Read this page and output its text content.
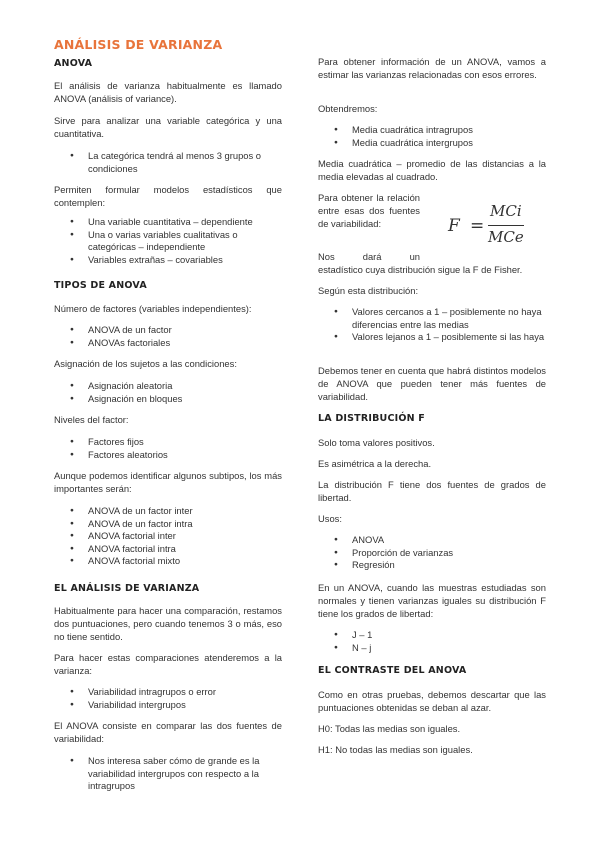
ANÁLISIS DE VARIANZA
ANOVA
El análisis de varianza habitualmente es llamado ANOVA (análisis of variance).
Sirve para analizar una variable categórica y una cuantitativa.
● La categórica tendrá al menos 3 grupos o condiciones
Permiten formular modelos estadísticos que contemplen:
● Una variable cuantitativa – dependiente
● Una o varias variables cualitativas o categóricas – independiente
● Variables extrañas – covariables
TIPOS DE ANOVA
Número de factores (variables independientes):
● ANOVA de un factor
● ANOVAs factoriales
Asignación de los sujetos a las condiciones:
● Asignación aleatoria
● Asignación en bloques
Niveles del factor:
● Factores fijos
● Factores aleatorios
Aunque podemos identificar algunos subtipos, los más importantes serán:
● ANOVA de un factor inter
● ANOVA de un factor intra
● ANOVA factorial inter
● ANOVA factorial intra
● ANOVA factorial mixto
EL ANÁLISIS DE VARIANZA
Habitualmente para hacer una comparación, restamos dos puntuaciones, pero cuando tenemos 3 o más, eso no tiene sentido.
Para hacer estas comparaciones atenderemos a la varianza:
● Variabilidad intragrupos o error
● Variabilidad intergrupos
El ANOVA consiste en comparar las dos fuentes de variabilidad:
● Nos interesa saber cómo de grande es la variabilidad intergrupos con respecto a la intragrupos
Para obtener información de un ANOVA, vamos a estimar las varianzas relacionadas con esos errores.
Obtendremos:
● Media cuadrática intragrupos
● Media cuadrática intergrupos
Media cuadrática – promedio de las distancias a la media elevadas al cuadrado.
Para obtener la relación entre esas dos fuentes de variabilidad:	F =
MCi
MCe
Nos dará un
estadístico cuya distribución sigue la F de Fisher.
Según esta distribución:
● Valores cercanos a 1 – posiblemente no haya diferencias entre las medias
● Valores lejanos a 1 – posiblemente si las haya
Debemos tener en cuenta que habrá distintos modelos de ANOVA que pueden tener más fuentes de variabilidad.
LA DISTRIBUCIÓN F
Solo toma valores positivos.
Es asimétrica a la derecha.
La distribución F tiene dos fuentes de grados de libertad.
Usos:
● ANOVA
● Proporción de varianzas
● Regresión
En un ANOVA, cuando las muestras estudiadas son normales y tienen varianzas iguales su distribución F tiene los grados de libertad:
● J – 1
● N – j
EL CONTRASTE DEL ANOVA
Como en otras pruebas, debemos descartar que las puntuaciones obtenidas se deban al azar.
H0: Todas las medias son iguales.
H1: No todas las medias son iguales.
